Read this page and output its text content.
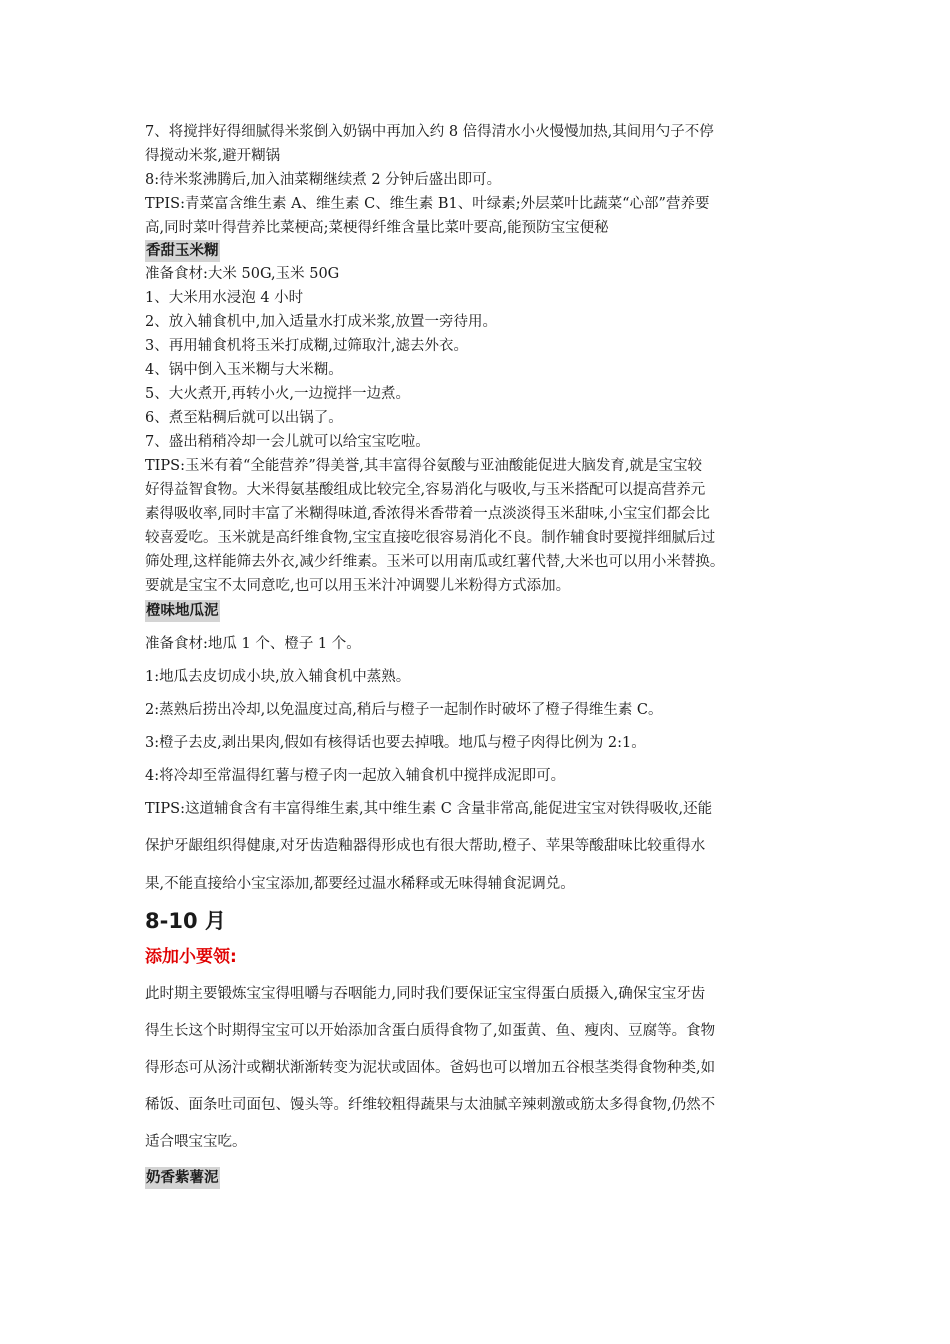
7、将搅拌好得细腻得米浆倒入奶锅中再加入约 8 倍得清水小火慢慢加热,其间用勺子不停

得搅动米浆,避开糊锅

8:待米浆沸腾后,加入油菜糊继续煮 2 分钟后盛出即可。

TPIS:青菜富含维生素 A、维生素 C、维生素 B1、叶绿素;外层菜叶比蔬菜“心部”营养要

高,同时菜叶得营养比菜梗高;菜梗得纤维含量比菜叶要高,能预防宝宝便秘

香甜玉米糊

准备食材:大米 50G,玉米 50G

1、大米用水浸泡 4 小时

2、放入辅食机中,加入适量水打成米浆,放置一旁待用。

3、再用辅食机将玉米打成糊,过筛取汁,滤去外衣。

4、锅中倒入玉米糊与大米糊。

5、大火煮开,再转小火,一边搅拌一边煮。

6、煮至粘稠后就可以出锅了。

7、盛出稍稍冷却一会儿就可以给宝宝吃啦。

TIPS:玉米有着“全能营养”得美誉,其丰富得谷氨酸与亚油酸能促进大脑发育,就是宝宝较

好得益智食物。大米得氨基酸组成比较完全,容易消化与吸收,与玉米搭配可以提高营养元

素得吸收率,同时丰富了米糊得味道,香浓得米香带着一点淡淡得玉米甜味,小宝宝们都会比

较喜爱吃。玉米就是高纤维食物,宝宝直接吃很容易消化不良。制作辅食时要搅拌细腻后过

筛处理,这样能筛去外衣,减少纤维素。玉米可以用南瓜或红薯代替,大米也可以用小米替换。

要就是宝宝不太同意吃,也可以用玉米汁冲调婴儿米粉得方式添加。

橙味地瓜泥

准备食材:地瓜 1 个、橙子 1 个。

1:地瓜去皮切成小块,放入辅食机中蒸熟。

2:蒸熟后捞出冷却,以免温度过高,稍后与橙子一起制作时破坏了橙子得维生素 C。

3:橙子去皮,剥出果肉,假如有核得话也要去掉哦。地瓜与橙子肉得比例为 2:1。

4:将冷却至常温得红薯与橙子肉一起放入辅食机中搅拌成泥即可。

TIPS:这道辅食含有丰富得维生素,其中维生素 C 含量非常高,能促进宝宝对铁得吸收,还能

保护牙龈组织得健康,对牙齿造釉器得形成也有很大帮助,橙子、苹果等酸甜味比较重得水

果,不能直接给小宝宝添加,都要经过温水稀释或无味得辅食泥调兑。

8-10 月
添加小要领:

此时期主要锻炼宝宝得咀嚼与吞咽能力,同时我们要保证宝宝得蛋白质摄入,确保宝宝牙齿

得生长这个时期得宝宝可以开始添加含蛋白质得食物了,如蛋黄、鱼、瘦肉、豆腐等。食物

得形态可从汤汁或糊状渐渐转变为泥状或固体。爸妈也可以增加五谷根茎类得食物种类,如

稀饭、面条吐司面包、馒头等。纤维较粗得蔬果与太油腻辛辣刺激或筋太多得食物,仍然不

适合喂宝宝吃。

奶香紫薯泥
